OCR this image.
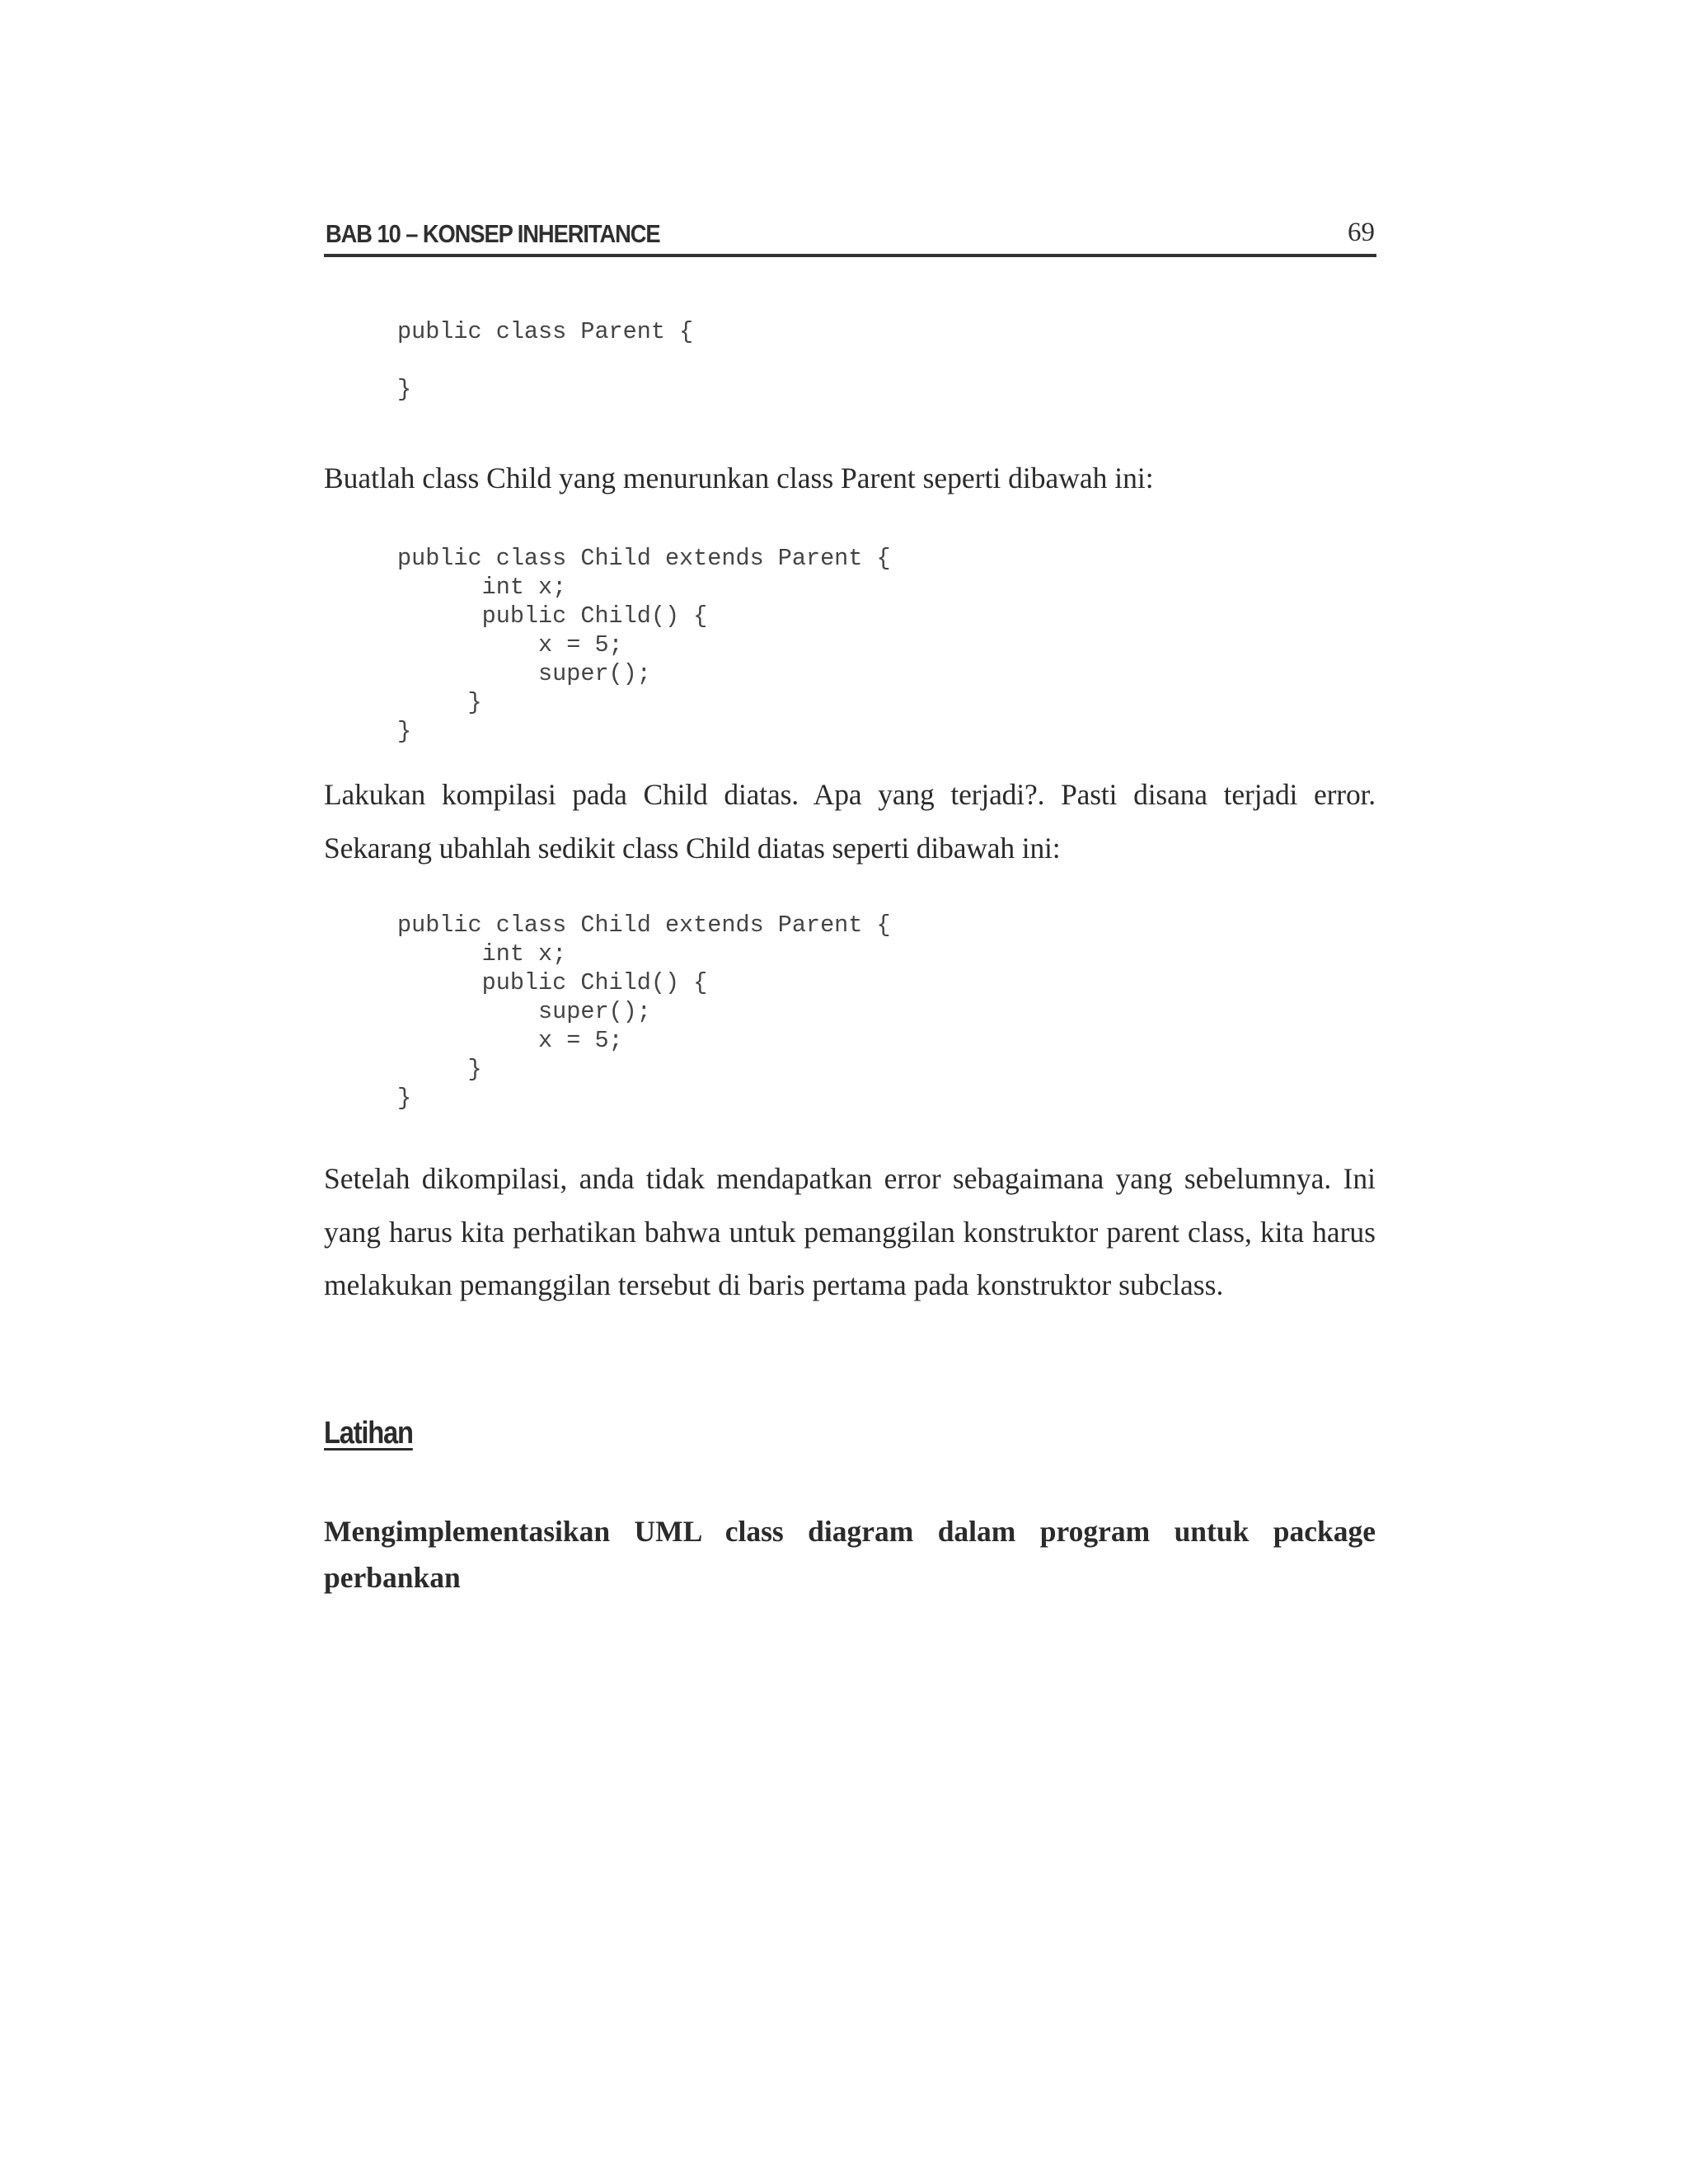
BAB 10 – KONSEP INHERITANCE	69
public class Parent {
}

Buatlah class Child yang menurunkan class Parent seperti dibawah ini:

public class Child extends Parent {
int x;
public Child() {
x = 5;
super();
}
}

Lakukan kompilasi pada Child diatas. Apa yang terjadi?. Pasti disana terjadi error. Sekarang ubahlah sedikit class Child diatas seperti dibawah ini:

public class Child extends Parent {
int x;
public Child() {
super();
x = 5;
}
}

Setelah dikompilasi, anda tidak mendapatkan error sebagaimana yang sebelumnya. Ini yang harus kita perhatikan bahwa untuk pemanggilan konstruktor parent class, kita harus melakukan pemanggilan tersebut di baris pertama pada konstruktor subclass.

Latihan

Mengimplementasikan UML class diagram dalam program untuk package perbankan
